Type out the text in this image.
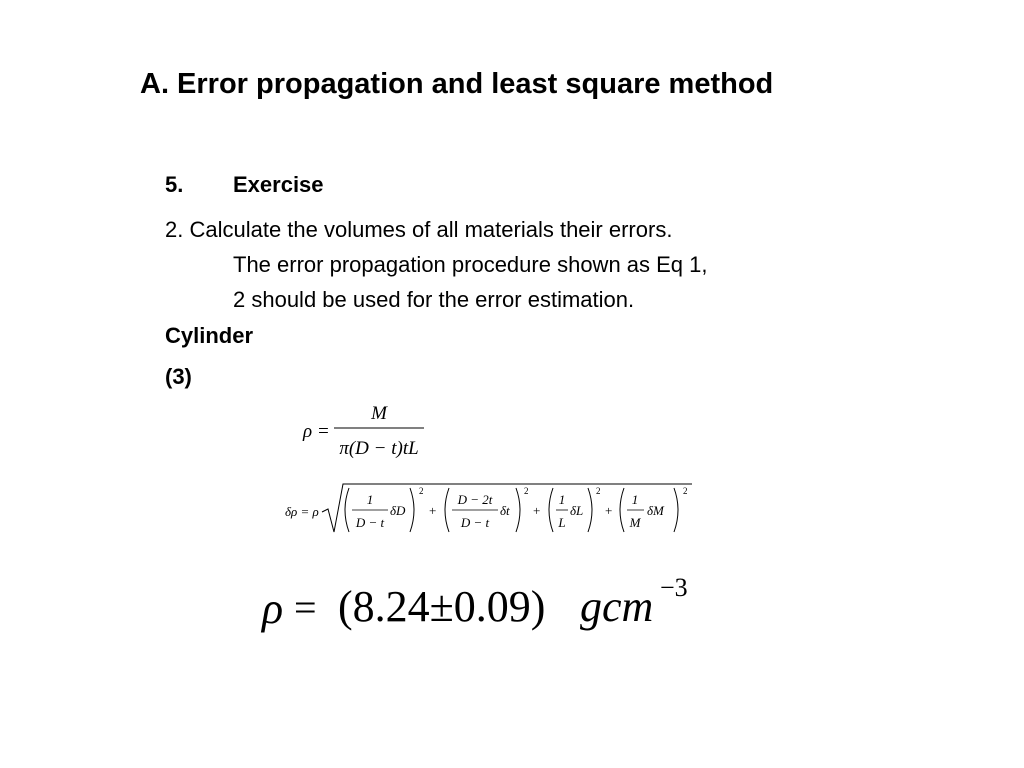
A. Error propagation and least square method
5. Exercise
2. Calculate the volumes of all materials their errors.
The error propagation procedure shown as Eq 1,
2 should be used for the error estimation.
Cylinder
(3)
ρ =
M
π(D − t)tL
δρ = ρ
1
D − t
δD
2
+
D − 2t
D − t
δt
2
+
1
L
δL
2
+
1
M
δM
2
ρ = (8.24±0.09) gcm −3
